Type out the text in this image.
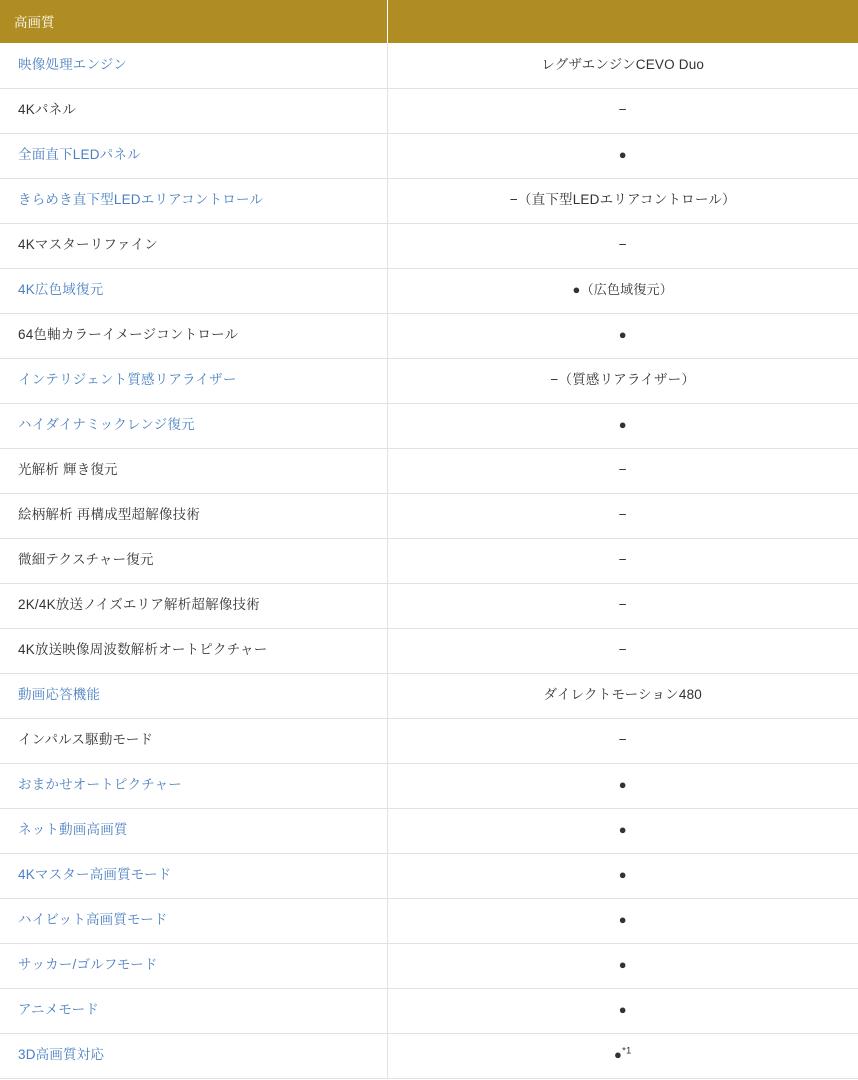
高画質	
映像処理エンジン	レグザエンジンCEVO Duo
4Kパネル	−
全面直下LEDパネル	●
きらめき直下型LEDエリアコントロール	−（直下型LEDエリアコントロール）
4Kマスターリファイン	−
4K広色域復元	●（広色域復元）
64色軸カラーイメージコントロール	●
インテリジェント質感リアライザー	−（質感リアライザー）
ハイダイナミックレンジ復元	●
光解析 輝き復元	−
絵柄解析 再構成型超解像技術	−
微細テクスチャー復元	−
2K/4K放送ノイズエリア解析超解像技術	−
4K放送映像周波数解析オートピクチャー	−
動画応答機能	ダイレクトモーション480
インパルス駆動モード	−
おまかせオートピクチャー	●
ネット動画高画質	●
4Kマスター高画質モード	●
ハイビット高画質モード	●
サッカー/ゴルフモード	●
アニメモード	●
3D高画質対応	●$^{*1}$
